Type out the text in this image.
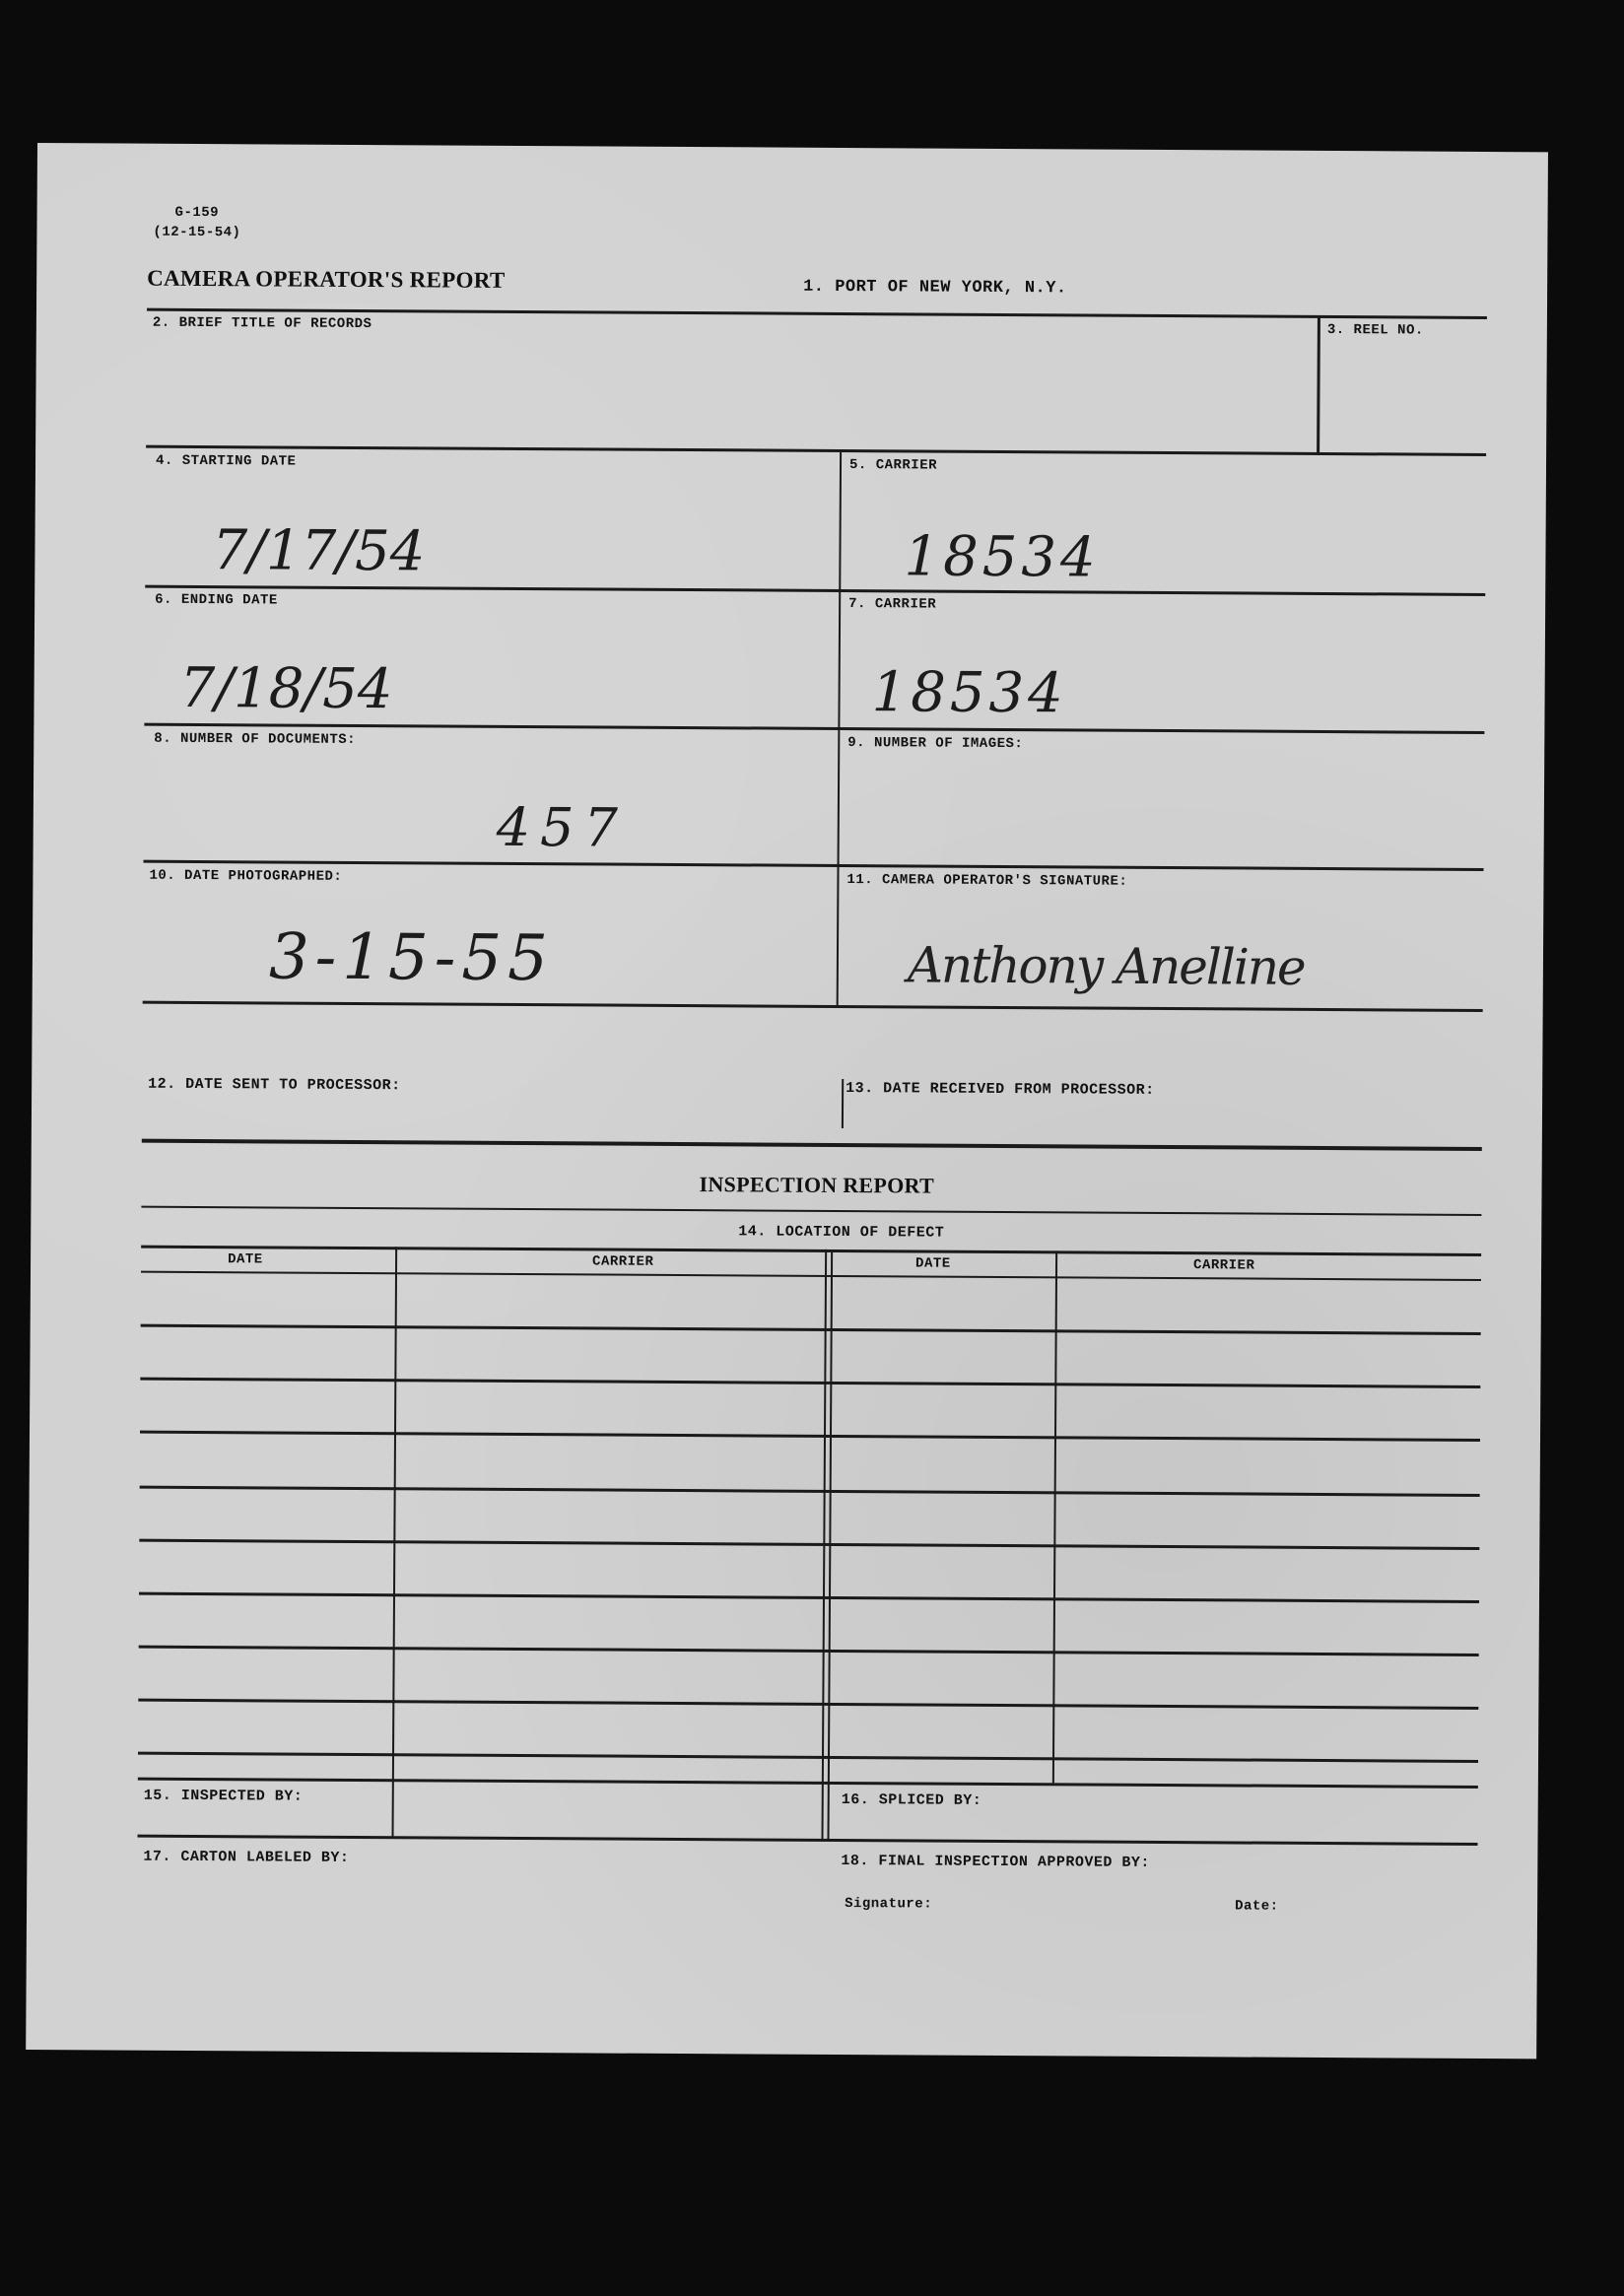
G-159
(12-15-54)
CAMERA OPERATOR'S REPORT	1. PORT OF NEW YORK, N.Y.
2. BRIEF TITLE OF RECORDS	3. REEL NO.
4. STARTING DATE
7/17/54
5. CARRIER
18534
6. ENDING DATE
7/18/54
7. CARRIER
18534
8. NUMBER OF DOCUMENTS:
457
9. NUMBER OF IMAGES:
10. DATE PHOTOGRAPHED:
3-15-55
11. CAMERA OPERATOR'S SIGNATURE:
Anthony Anelline
12. DATE SENT TO PROCESSOR:	13. DATE RECEIVED FROM PROCESSOR:
INSPECTION REPORT
14. LOCATION OF DEFECT
DATE	CARRIER	DATE	CARRIER
15. INSPECTED BY:	16. SPLICED BY:
17. CARTON LABELED BY:	18. FINAL INSPECTION APPROVED BY:
Signature:	Date:
